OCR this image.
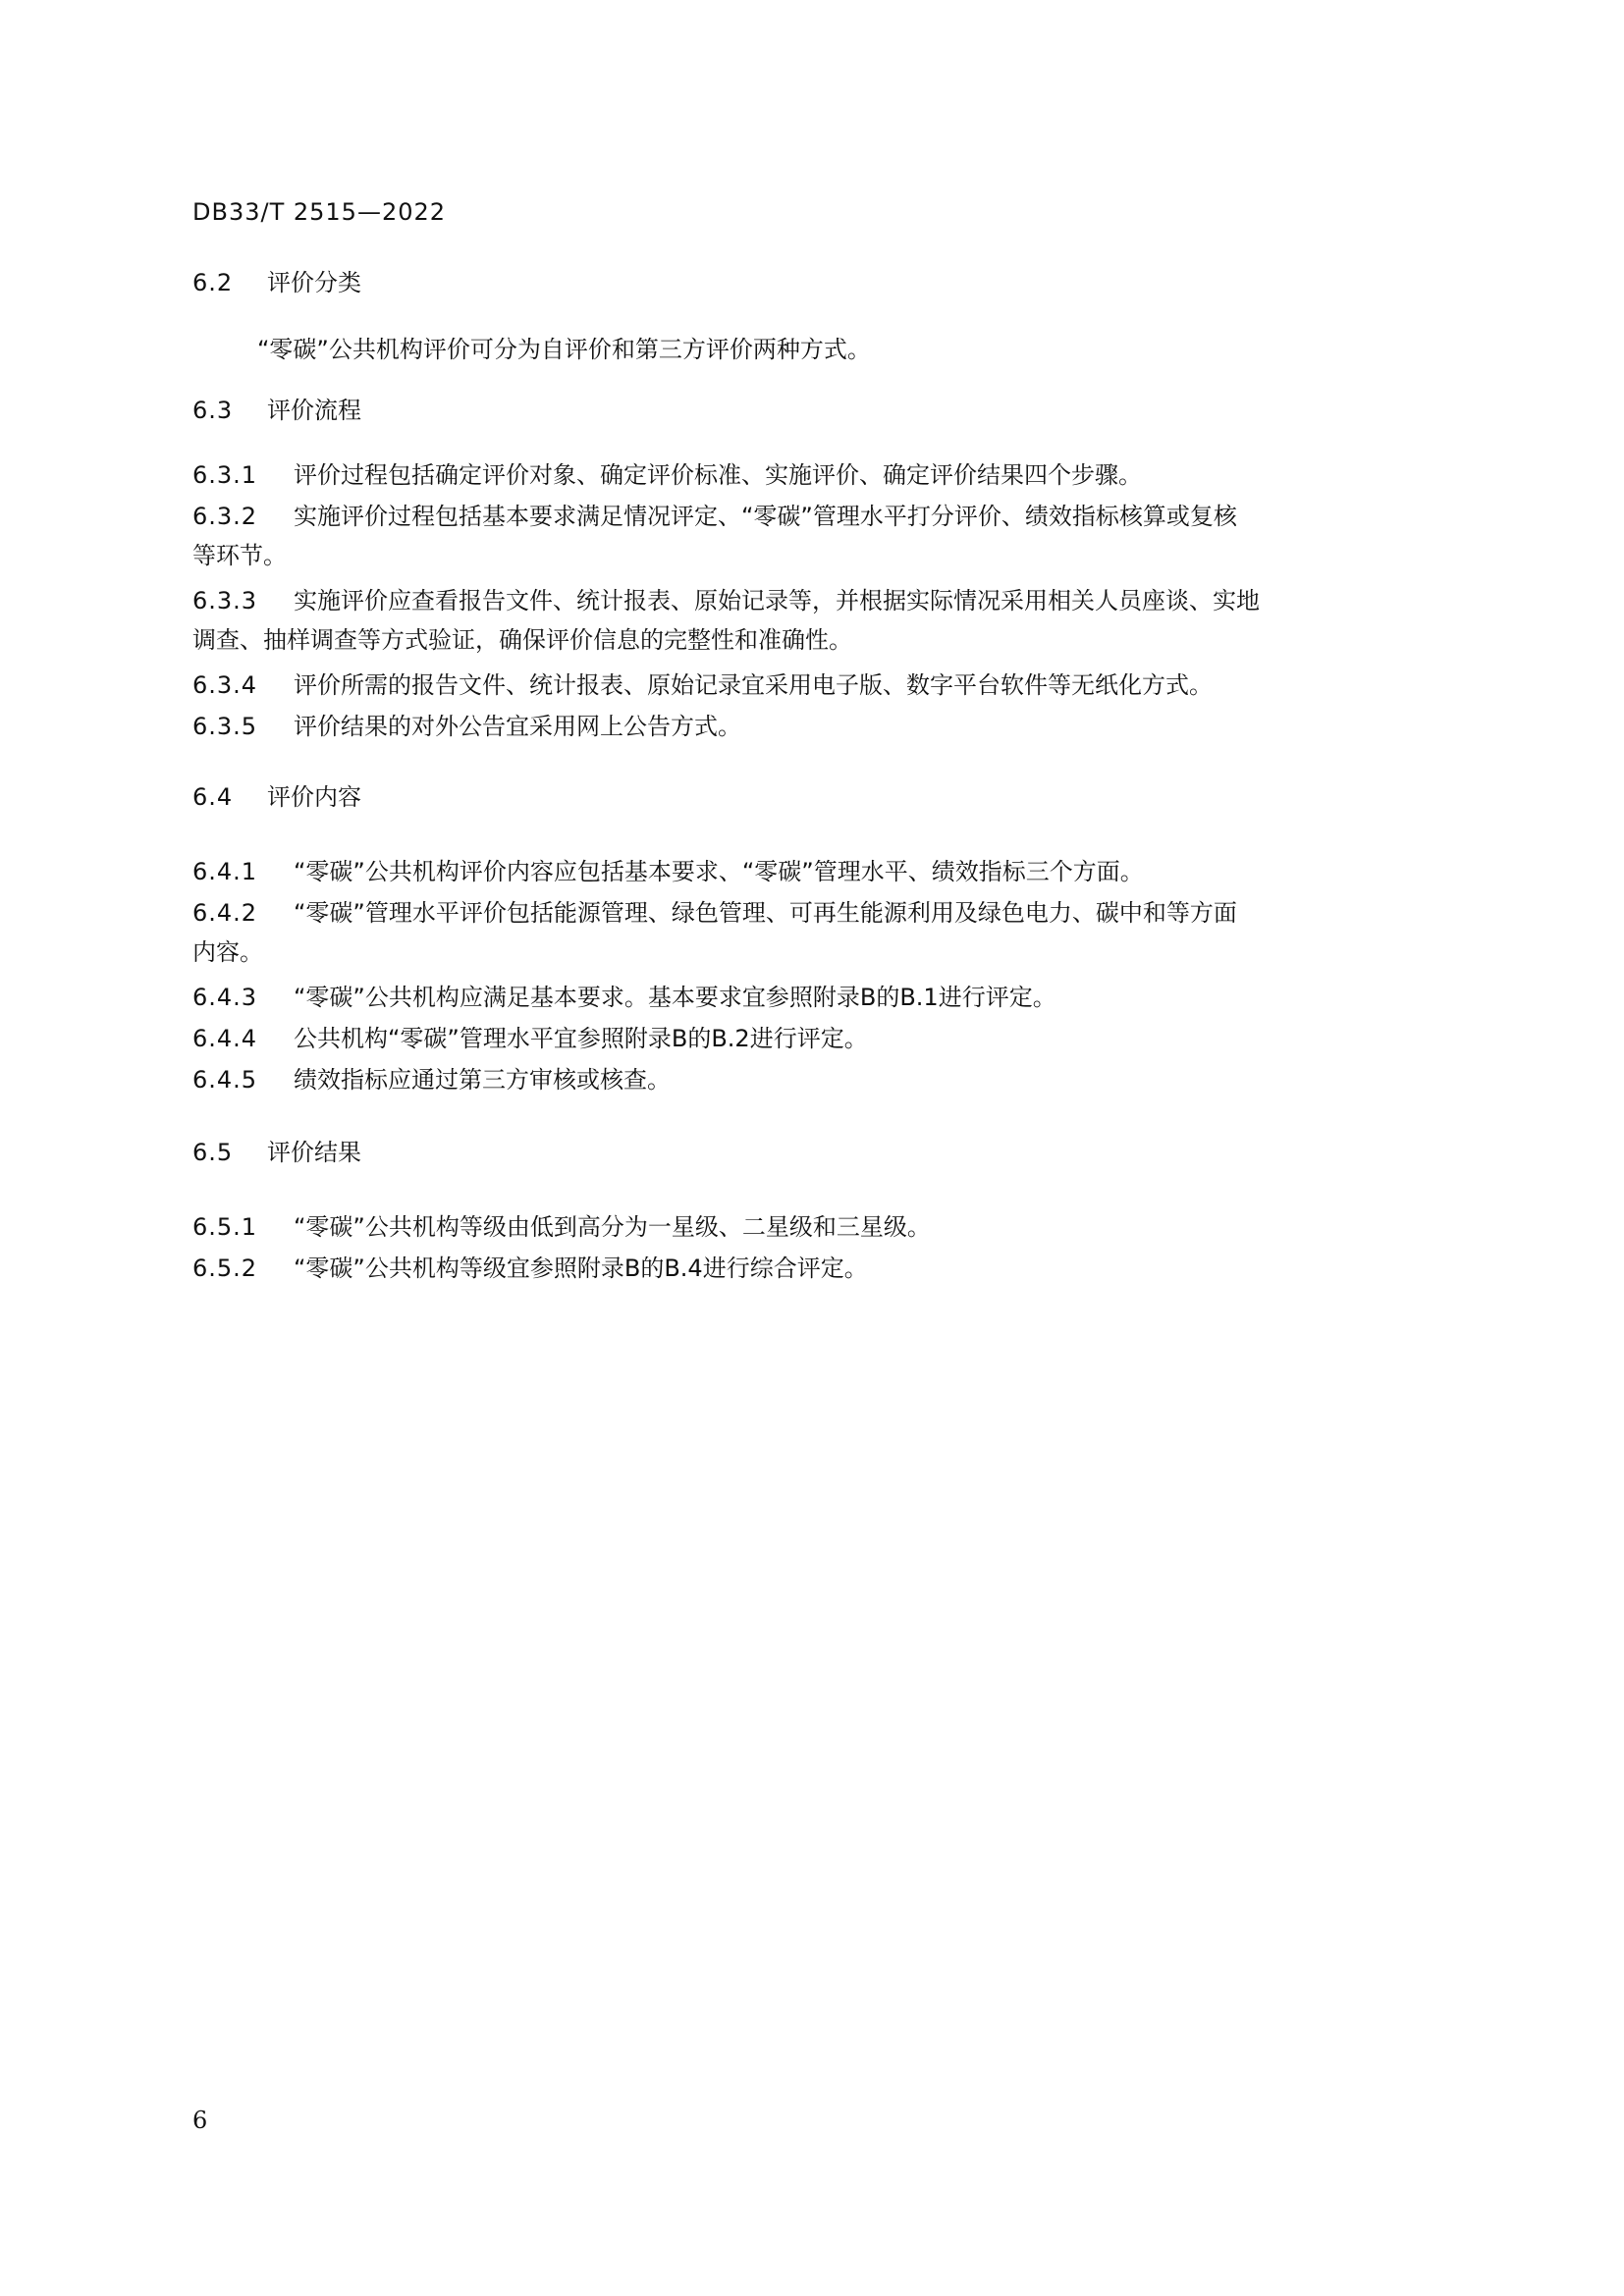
DB33/T 2515—2022
6.2 评价分类
“零碳”公共机构评价可分为自评价和第三方评价两种方式。
6.3 评价流程
6.3.1 评价过程包括确定评价对象、确定评价标准、实施评价、确定评价结果四个步骤。
6.3.2 实施评价过程包括基本要求满足情况评定、“零碳”管理水平打分评价、绩效指标核算或复核
等环节。
6.3.3 实施评价应查看报告文件、统计报表、原始记录等，并根据实际情况采用相关人员座谈、实地
调查、抽样调查等方式验证，确保评价信息的完整性和准确性。
6.3.4 评价所需的报告文件、统计报表、原始记录宜采用电子版、数字平台软件等无纸化方式。
6.3.5 评价结果的对外公告宜采用网上公告方式。
6.4 评价内容
6.4.1 “零碳”公共机构评价内容应包括基本要求、“零碳”管理水平、绩效指标三个方面。
6.4.2 “零碳”管理水平评价包括能源管理、绿色管理、可再生能源利用及绿色电力、碳中和等方面
内容。
6.4.3 “零碳”公共机构应满足基本要求。基本要求宜参照附录B的B.1进行评定。
6.4.4 公共机构“零碳”管理水平宜参照附录B的B.2进行评定。
6.4.5 绩效指标应通过第三方审核或核查。
6.5 评价结果
6.5.1 “零碳”公共机构等级由低到高分为一星级、二星级和三星级。
6.5.2 “零碳”公共机构等级宜参照附录B的B.4进行综合评定。
6
